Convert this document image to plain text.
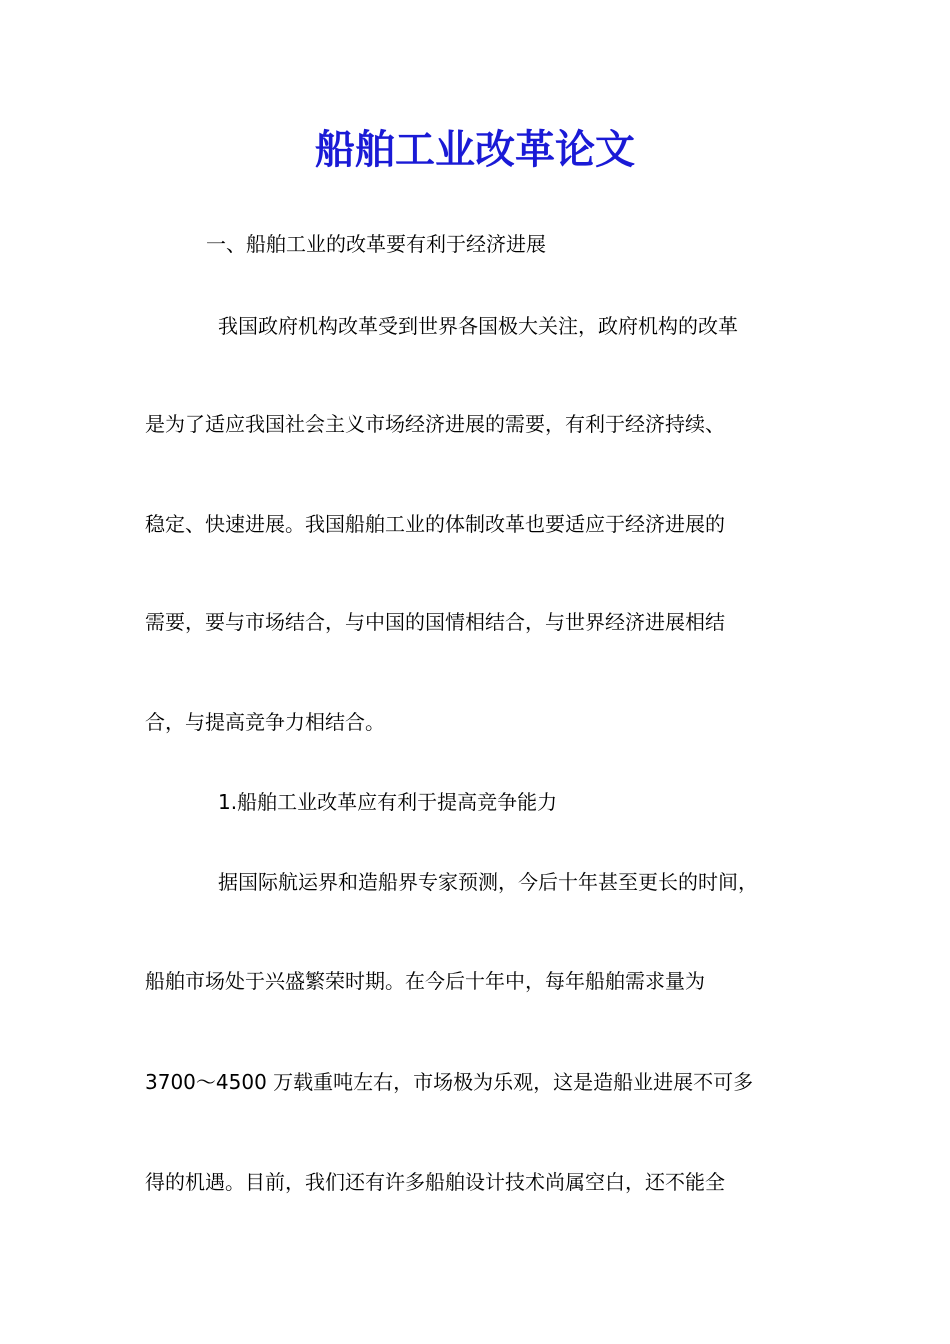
船舶工业改革论文
一、船舶工业的改革要有利于经济进展
我国政府机构改革受到世界各国极大关注，政府机构的改革
是为了适应我国社会主义市场经济进展的需要，有利于经济持续、
稳定、快速进展。我国船舶工业的体制改革也要适应于经济进展的
需要，要与市场结合，与中国的国情相结合，与世界经济进展相结
合，与提高竞争力相结合。
1.船舶工业改革应有利于提高竞争能力
据国际航运界和造船界专家预测，今后十年甚至更长的时间，
船舶市场处于兴盛繁荣时期。在今后十年中，每年船舶需求量为
3700～4500 万载重吨左右，市场极为乐观，这是造船业进展不可多
得的机遇。目前，我们还有许多船舶设计技术尚属空白，还不能全
